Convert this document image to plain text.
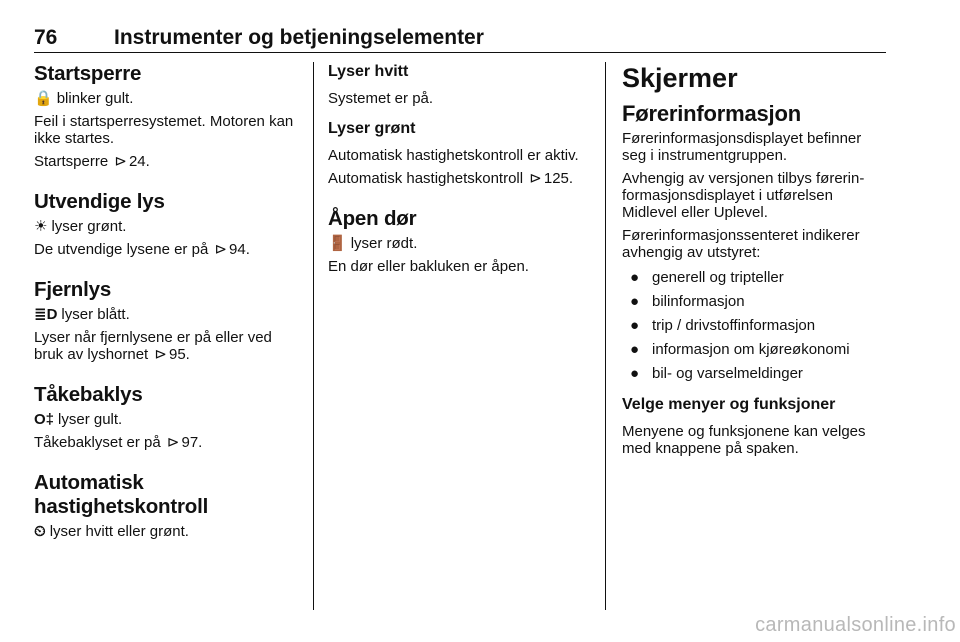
76	Instrumenter og betjeningselementer
Startsperre

🔒 blinker gult.

Feil i startsperresystemet. Motoren kan ikke startes.

Startsperre ⊳ 24.

Utvendige lys

☀ lyser grønt.

De utvendige lysene er på ⊳ 94.

Fjernlys

≣D lyser blått.

Lyser når fjernlysene er på eller ved bruk av lyshornet ⊳ 95.

Tåkebaklys

O‡ lyser gult.

Tåkebaklyset er på ⊳ 97.

Automatisk
hastighetskontroll

⏲ lyser hvitt eller grønt.

Lyser hvitt

Systemet er på.

Lyser grønt

Automatisk hastighetskontroll er aktiv.

Automatisk hastighetskontroll ⊳ 125.

Åpen dør

🚪 lyser rødt.

En dør eller bakluken er åpen.

Skjermer
Førerinformasjon

Førerinformasjonsdisplayet befinner seg i instrumentgruppen.

Avhengig av versjonen tilbys førerinformasjonsdisplayet i utførelsen Midlevel eller Uplevel.

Førerinformasjonssenteret indikerer avhengig av utstyret:

● generell og tripteller
● bilinformasjon
● trip / drivstoffinformasjon
● informasjon om kjøreøkonomi
● bil- og varselmeldinger
Velge menyer og funksjoner

Menyene og funksjonene kan velges med knappene på spaken.

carmanualsonline.info
